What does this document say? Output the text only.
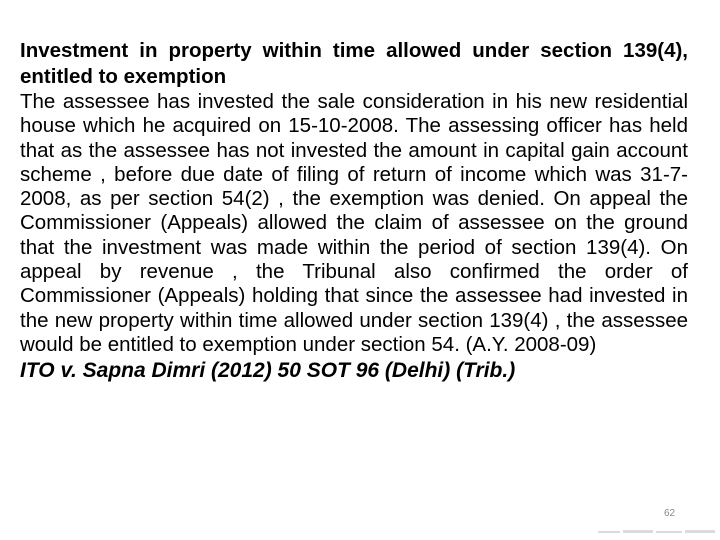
Investment in property within time allowed under section 139(4), entitled to exemption

The assessee has invested the sale consideration in his new residential house which he acquired on 15-10-2008. The assessing officer has held that as the assessee has not invested the amount in capital gain account scheme , before due date of filing of return of income which was 31-7-2008, as per section 54(2) , the exemption was denied. On appeal the Commissioner (Appeals) allowed the claim of assessee on the ground that the investment was made within the period of section 139(4). On appeal by revenue , the Tribunal also confirmed the order of Commissioner (Appeals) holding that since the assessee had invested in the new property within time allowed under section 139(4) , the assessee would be entitled to exemption under section 54. (A.Y. 2008-09)

ITO v. Sapna Dimri (2012) 50 SOT 96 (Delhi) (Trib.)

62
